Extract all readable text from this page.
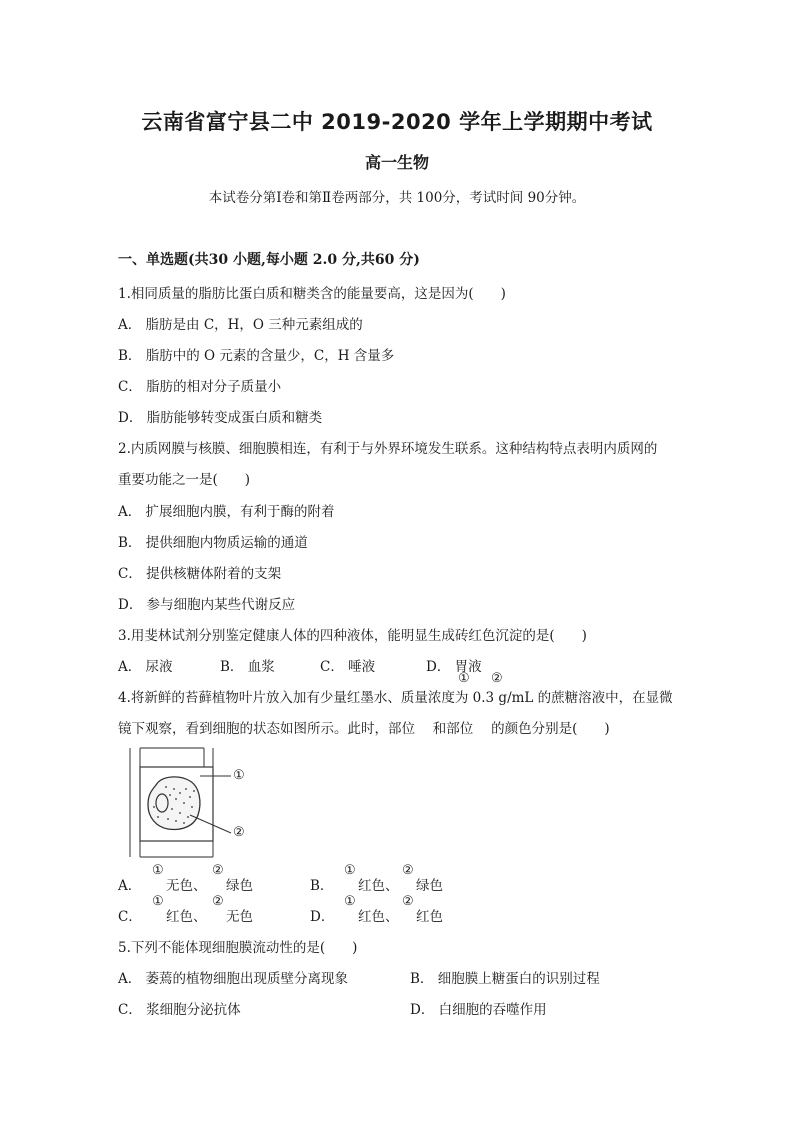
云南省富宁县二中 2019-2020 学年上学期期中考试
高一生物
本试卷分第Ⅰ卷和第Ⅱ卷两部分，共 100分，考试时间 90分钟。
一、单选题(共30 小题,每小题 2.0 分,共60 分)
1.相同质量的脂肪比蛋白质和糖类含的能量要高，这是因为(　　)
A． 脂肪是由 C，H，O 三种元素组成的
B． 脂肪中的 O 元素的含量少，C，H 含量多
C． 脂肪的相对分子质量小
D． 脂肪能够转变成蛋白质和糖类
2.内质网膜与核膜、细胞膜相连，有利于与外界环境发生联系。这种结构特点表明内质网的
重要功能之一是(　　)
A． 扩展细胞内膜，有利于酶的附着
B． 提供细胞内物质运输的通道
C． 提供核糖体附着的支架
D． 参与细胞内某些代谢反应
3.用斐林试剂分别鉴定健康人体的四种液体，能明显生成砖红色沉淀的是(　　)
A． 尿液	B． 血浆	C． 唾液	D． 胃液
4.将新鲜的苔藓植物叶片放入加有少量红墨水、质量浓度为 0.3 g/mL 的蔗糖溶液中，在显微
① ②
镜下观察，看到细胞的状态如图所示。此时，部位　 和部位　 的颜色分别是(　　)
①
②
A．
①
无色、
②
绿色	B．
①
红色、
②
绿色
C．
①
红色、
②
无色	D．
①
红色、
②
红色
5.下列不能体现细胞膜流动性的是(　　)
A． 萎蔫的植物细胞出现质壁分离现象	B． 细胞膜上糖蛋白的识别过程
C． 浆细胞分泌抗体	D． 白细胞的吞噬作用
